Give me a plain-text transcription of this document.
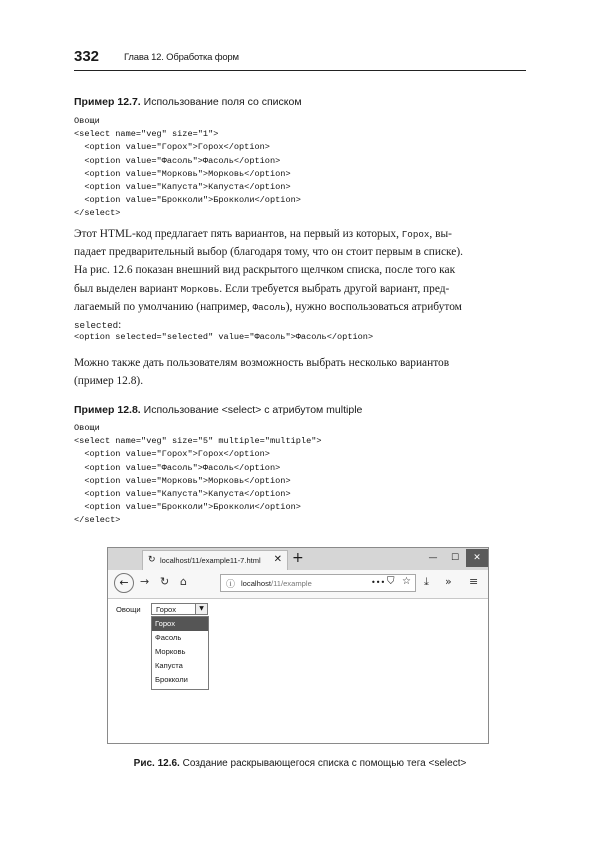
332	Глава 12. Обработка форм
Пример 12.7. Использование поля со списком
Овощи
<select name="veg" size="1">
<option value="Горох">Горох</option>
<option value="Фасоль">Фасоль</option>
<option value="Морковь">Морковь</option>
<option value="Капуста">Капуста</option>
<option value="Брокколи">Брокколи</option>
</select>

Этот HTML-код предлагает пять вариантов, на первый из которых, Горох, вы-

падает предварительный выбор (благодаря тому, что он стоит первым в списке).

На рис. 12.6 показан внешний вид раскрытого щелчком списка, после того как

был выделен вариант Морковь. Если требуется выбрать другой вариант, пред-

лагаемый по умолчанию (например, Фасоль), нужно воспользоваться атрибутом

selected:

<option selected="selected" value="Фасоль">Фасоль</option>

Можно также дать пользователям возможность выбрать несколько вариантов

(пример 12.8).

Пример 12.8. Использование <select> с атрибутом multiple
Овощи
<select name="veg" size="5" multiple="multiple">
<option value="Горох">Горох</option>
<option value="Фасоль">Фасоль</option>
<option value="Морковь">Морковь</option>
<option value="Капуста">Капуста</option>
<option value="Брокколи">Брокколи</option>
</select>
↻ localhost/11/example11-7.html ✕ +	—	☐	✕
←	→ ↻ ⌂	ⓘ localhost/11/example	••• ⛉ ☆ ⤓ » ≡
Овощи Горох	▼
Горох
Фасоль
Морковь
Капуста
Брокколи
Рис. 12.6. Создание раскрывающегося списка с помощью тега <select>
